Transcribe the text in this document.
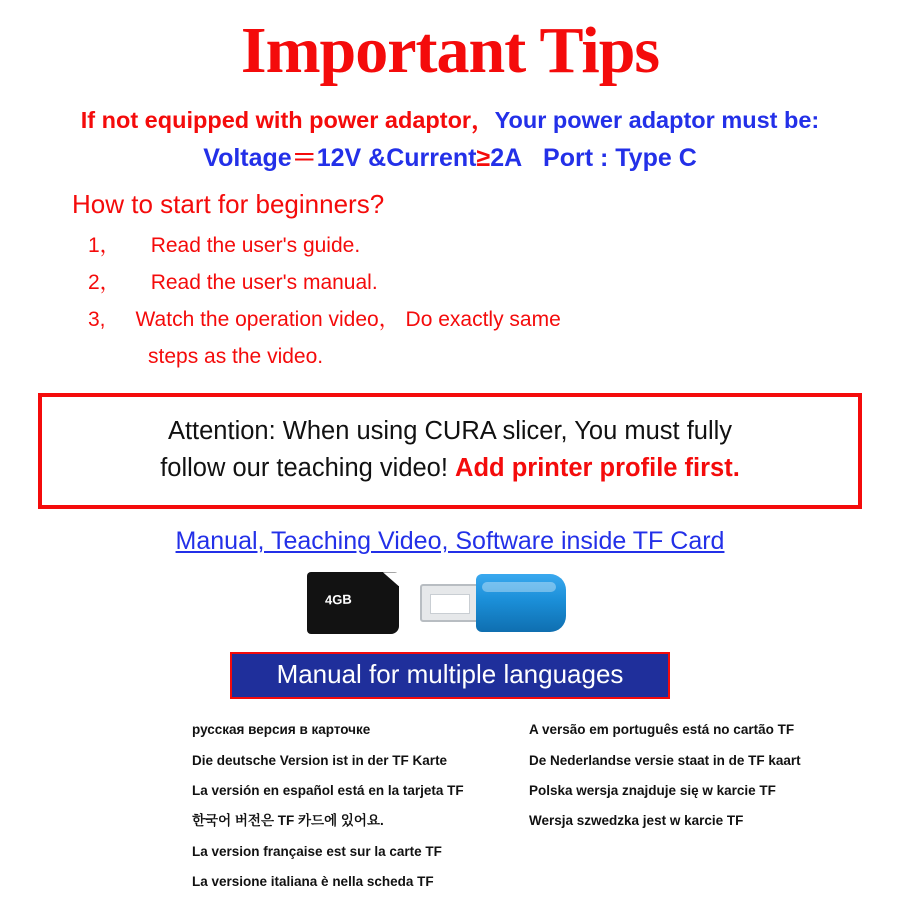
Important Tips
If not equipped with power adaptor，Your power adaptor must be:
Voltage＝12V &Current≥2A Port : Type C
How to start for beginners?
1， Read the user's guide.
2， Read the user's manual.
3, Watch the operation video， Do exactly same
steps as the video.
Attention: When using CURA slicer, You must fully
follow our teaching video! Add printer profile first.
Manual, Teaching Video, Software inside TF Card
4GB
Manual for multiple languages
русская версия в карточке
Die deutsche Version ist in der TF Karte
La versión en español está en la tarjeta TF
한국어 버전은 TF 카드에 있어요.
La version française est sur la carte TF
La versione italiana è nella scheda TF
A versão em português está no cartão TF
De Nederlandse versie staat in de TF kaart
Polska wersja znajduje się w karcie TF
Wersja szwedzka jest w karcie TF
